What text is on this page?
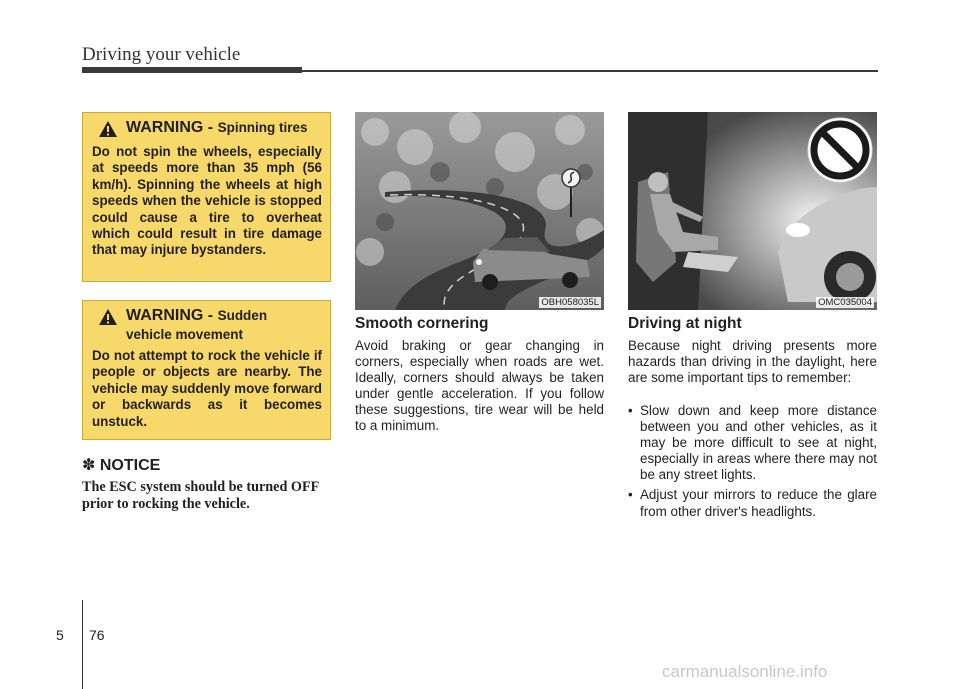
Driving your vehicle
WARNING - Spinning tires
Do not spin the wheels, especially at speeds more than 35 mph (56 km/h). Spinning the wheels at high speeds when the vehicle is stopped could cause a tire to overheat which could result in tire damage that may injure bystanders.
WARNING - Sudden
vehicle movement
Do not attempt to rock the vehicle if people or objects are nearby. The vehicle may suddenly move forward or backwards as it becomes unstuck.
✽ NOTICE
The ESC system should be turned OFF prior to rocking the vehicle.
OBH058035L	OMC035004
Smooth cornering
Avoid braking or gear changing in corners, especially when roads are wet. Ideally, corners should always be taken under gentle acceleration. If you follow these suggestions, tire wear will be held to a minimum.
Driving at night
Because night driving presents more hazards than driving in the daylight, here are some important tips to remember:
• Slow down and keep more distance between you and other vehicles, as it may be more difficult to see at night, especially in areas where there may not be any street lights.
• Adjust your mirrors to reduce the glare from other driver's headlights.
5 76
carmanualsonline.info
